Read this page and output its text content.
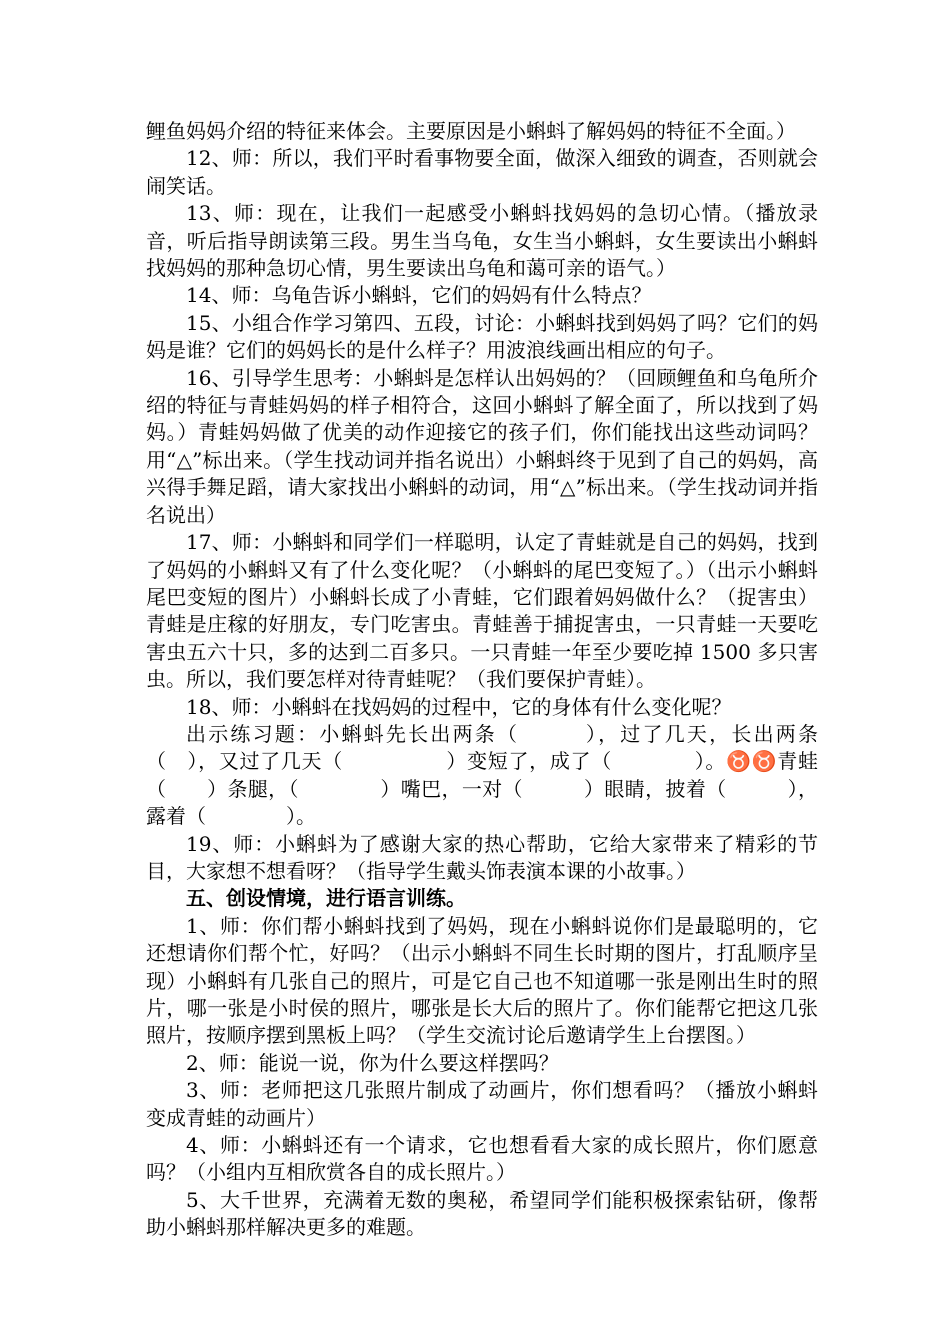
鲤鱼妈妈介绍的特征来体会。主要原因是小蝌蚪了解妈妈的特征不全面。）

12、师：所以，我们平时看事物要全面，做深入细致的调查，否则就会闹笑话。

13、师：现在，让我们一起感受小蝌蚪找妈妈的急切心情。（播放录音，听后指导朗读第三段。男生当乌龟，女生当小蝌蚪，女生要读出小蝌蚪找妈妈的那种急切心情，男生要读出乌龟和蔼可亲的语气。）

14、师：乌龟告诉小蝌蚪，它们的妈妈有什么特点？

15、小组合作学习第四、五段，讨论：小蝌蚪找到妈妈了吗？它们的妈妈是谁？它们的妈妈长的是什么样子？用波浪线画出相应的句子。

16、引导学生思考：小蝌蚪是怎样认出妈妈的？（回顾鲤鱼和乌龟所介绍的特征与青蛙妈妈的样子相符合，这回小蝌蚪了解全面了，所以找到了妈妈。）青蛙妈妈做了优美的动作迎接它的孩子们，你们能找出这些动词吗？用“△”标出来。（学生找动词并指名说出）小蝌蚪终于见到了自己的妈妈，高兴得手舞足蹈，请大家找出小蝌蚪的动词，用“△”标出来。（学生找动词并指名说出）

17、师：小蝌蚪和同学们一样聪明，认定了青蛙就是自己的妈妈，找到了妈妈的小蝌蚪又有了什么变化呢？（小蝌蚪的尾巴变短了。）（出示小蝌蚪尾巴变短的图片）小蝌蚪长成了小青蛙，它们跟着妈妈做什么？（捉害虫）青蛙是庄稼的好朋友，专门吃害虫。青蛙善于捕捉害虫，一只青蛙一天要吃害虫五六十只，多的达到二百多只。一只青蛙一年至少要吃掉 1500 多只害虫。所以，我们要怎样对待青蛙呢？（我们要保护青蛙）。

18、师：小蝌蚪在找妈妈的过程中，它的身体有什么变化呢？

出示练习题：小蝌蚪先长出两条（　　　），过了几天，长出两条（　），又过了几天（　　　　　）变短了，成了（　　　　）。♉♉青蛙（　　）条腿，（　　　　）嘴巴，一对（　　　）眼睛，披着（　　　），露着（　　　　）。

19、师：小蝌蚪为了感谢大家的热心帮助，它给大家带来了精彩的节目，大家想不想看呀？（指导学生戴头饰表演本课的小故事。）

五、创设情境，进行语言训练。

1、师：你们帮小蝌蚪找到了妈妈，现在小蝌蚪说你们是最聪明的，它还想请你们帮个忙，好吗？（出示小蝌蚪不同生长时期的图片，打乱顺序呈现）小蝌蚪有几张自己的照片，可是它自己也不知道哪一张是刚出生时的照片，哪一张是小时侯的照片，哪张是长大后的照片了。你们能帮它把这几张照片，按顺序摆到黑板上吗？（学生交流讨论后邀请学生上台摆图。）

2、师：能说一说，你为什么要这样摆吗？

3、师：老师把这几张照片制成了动画片，你们想看吗？（播放小蝌蚪变成青蛙的动画片）

4、师：小蝌蚪还有一个请求，它也想看看大家的成长照片，你们愿意吗？（小组内互相欣赏各自的成长照片。）

5、大千世界，充满着无数的奥秘，希望同学们能积极探索钻研，像帮助小蝌蚪那样解决更多的难题。
